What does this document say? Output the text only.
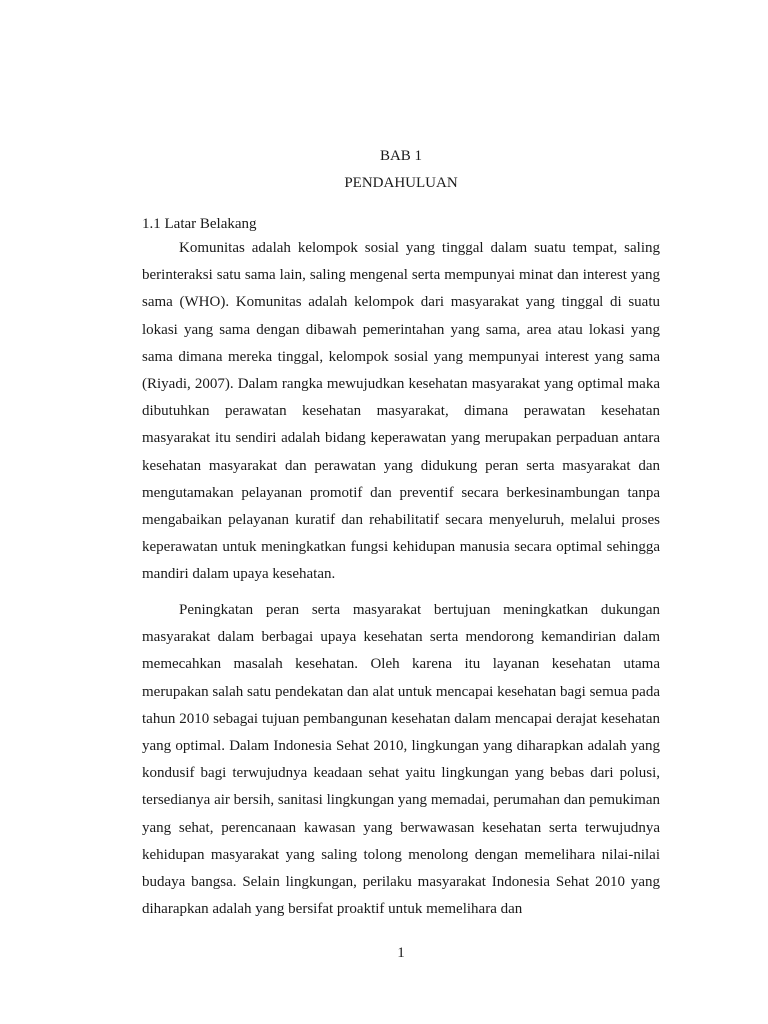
BAB 1
PENDAHULUAN
1.1 Latar Belakang

Komunitas adalah kelompok sosial yang tinggal dalam suatu tempat, saling berinteraksi satu sama lain, saling mengenal serta mempunyai minat dan interest yang sama (WHO). Komunitas adalah kelompok dari masyarakat yang tinggal di suatu lokasi yang sama dengan dibawah pemerintahan yang sama, area atau lokasi yang sama dimana mereka tinggal, kelompok sosial yang mempunyai interest yang sama (Riyadi, 2007). Dalam rangka mewujudkan kesehatan masyarakat yang optimal maka dibutuhkan perawatan kesehatan masyarakat, dimana perawatan kesehatan masyarakat itu sendiri adalah bidang keperawatan yang merupakan perpaduan antara kesehatan masyarakat dan perawatan yang didukung peran serta masyarakat dan mengutamakan pelayanan promotif dan preventif secara berkesinambungan tanpa mengabaikan pelayanan kuratif dan rehabilitatif secara menyeluruh, melalui proses keperawatan untuk meningkatkan fungsi kehidupan manusia secara optimal sehingga mandiri dalam upaya kesehatan.

Peningkatan peran serta masyarakat bertujuan meningkatkan dukungan masyarakat dalam berbagai upaya kesehatan serta mendorong kemandirian dalam memecahkan masalah kesehatan. Oleh karena itu layanan kesehatan utama merupakan salah satu pendekatan dan alat untuk mencapai kesehatan bagi semua pada tahun 2010 sebagai tujuan pembangunan kesehatan dalam mencapai derajat kesehatan yang optimal. Dalam Indonesia Sehat 2010, lingkungan yang diharapkan adalah yang kondusif bagi terwujudnya keadaan sehat yaitu lingkungan yang bebas dari polusi, tersedianya air bersih, sanitasi lingkungan yang memadai, perumahan dan pemukiman yang sehat, perencanaan kawasan yang berwawasan kesehatan serta terwujudnya kehidupan masyarakat yang saling tolong menolong dengan memelihara nilai-nilai budaya bangsa. Selain lingkungan, perilaku masyarakat Indonesia Sehat 2010 yang diharapkan adalah yang bersifat proaktif untuk memelihara dan

1
